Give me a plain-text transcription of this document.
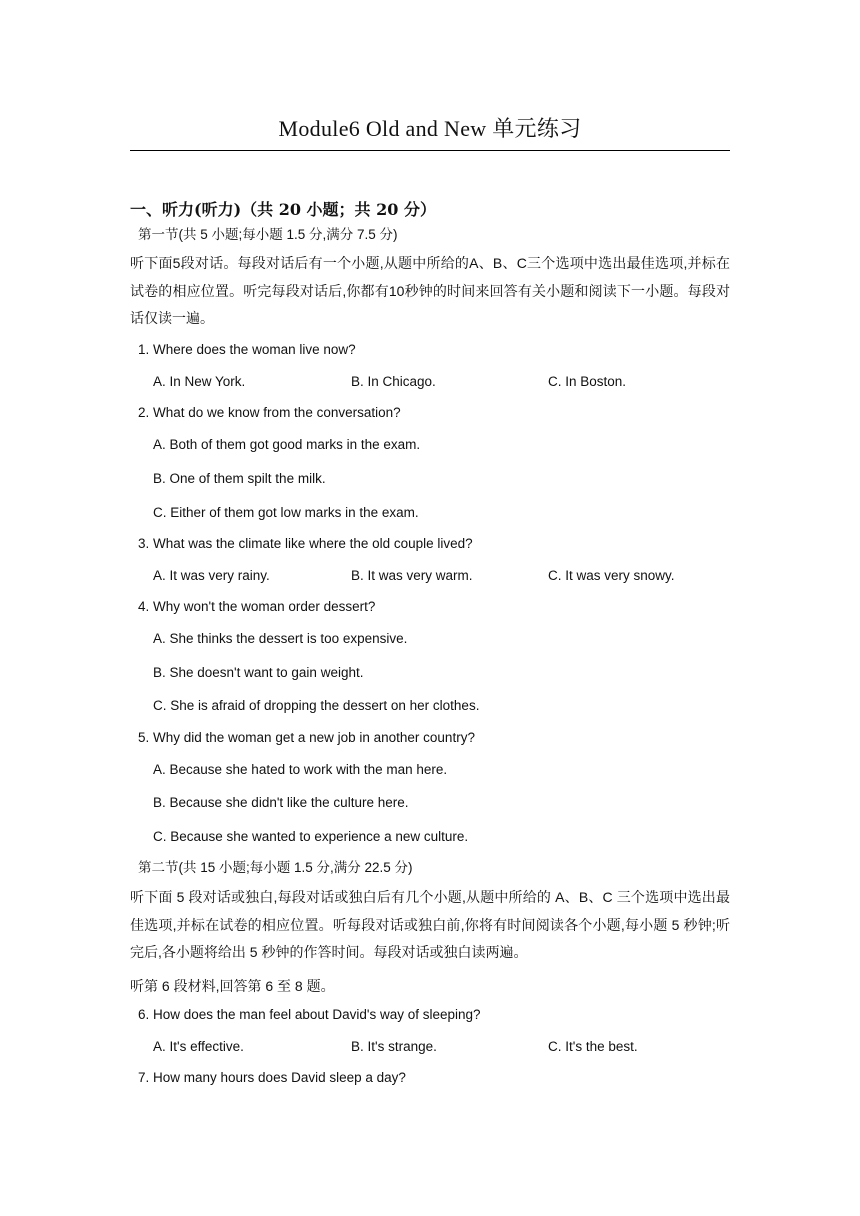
Module6 Old and New 单元练习
一、听力(听力)（共 20 小题；共 20 分）
第一节(共 5 小题;每小题 1.5 分,满分 7.5 分)
听下面5段对话。每段对话后有一个小题,从题中所给的A、B、C三个选项中选出最佳选项,并标在试卷的相应位置。听完每段对话后,你都有10秒钟的时间来回答有关小题和阅读下一小题。每段对话仅读一遍。
1. Where does the woman live now?
A. In New York.	B. In Chicago.	C. In Boston.
2. What do we know from the conversation?
A. Both of them got good marks in the exam.
B. One of them spilt the milk.
C. Either of them got low marks in the exam.
3. What was the climate like where the old couple lived?
A. It was very rainy.	B. It was very warm.	C. It was very snowy.
4. Why won't the woman order dessert?
A. She thinks the dessert is too expensive.
B. She doesn't want to gain weight.
C. She is afraid of dropping the dessert on her clothes.
5. Why did the woman get a new job in another country?
A. Because she hated to work with the man here.
B. Because she didn't like the culture here.
C. Because she wanted to experience a new culture.
第二节(共 15 小题;每小题 1.5 分,满分 22.5 分)
听下面 5 段对话或独白,每段对话或独白后有几个小题,从题中所给的 A、B、C 三个选项中选出最佳选项,并标在试卷的相应位置。听每段对话或独白前,你将有时间阅读各个小题,每小题 5 秒钟;听完后,各小题将给出 5 秒钟的作答时间。每段对话或独白读两遍。
听第 6 段材料,回答第 6 至 8 题。
6. How does the man feel about David's way of sleeping?
A. It's effective.	B. It's strange.	C. It's the best.
7. How many hours does David sleep a day?
